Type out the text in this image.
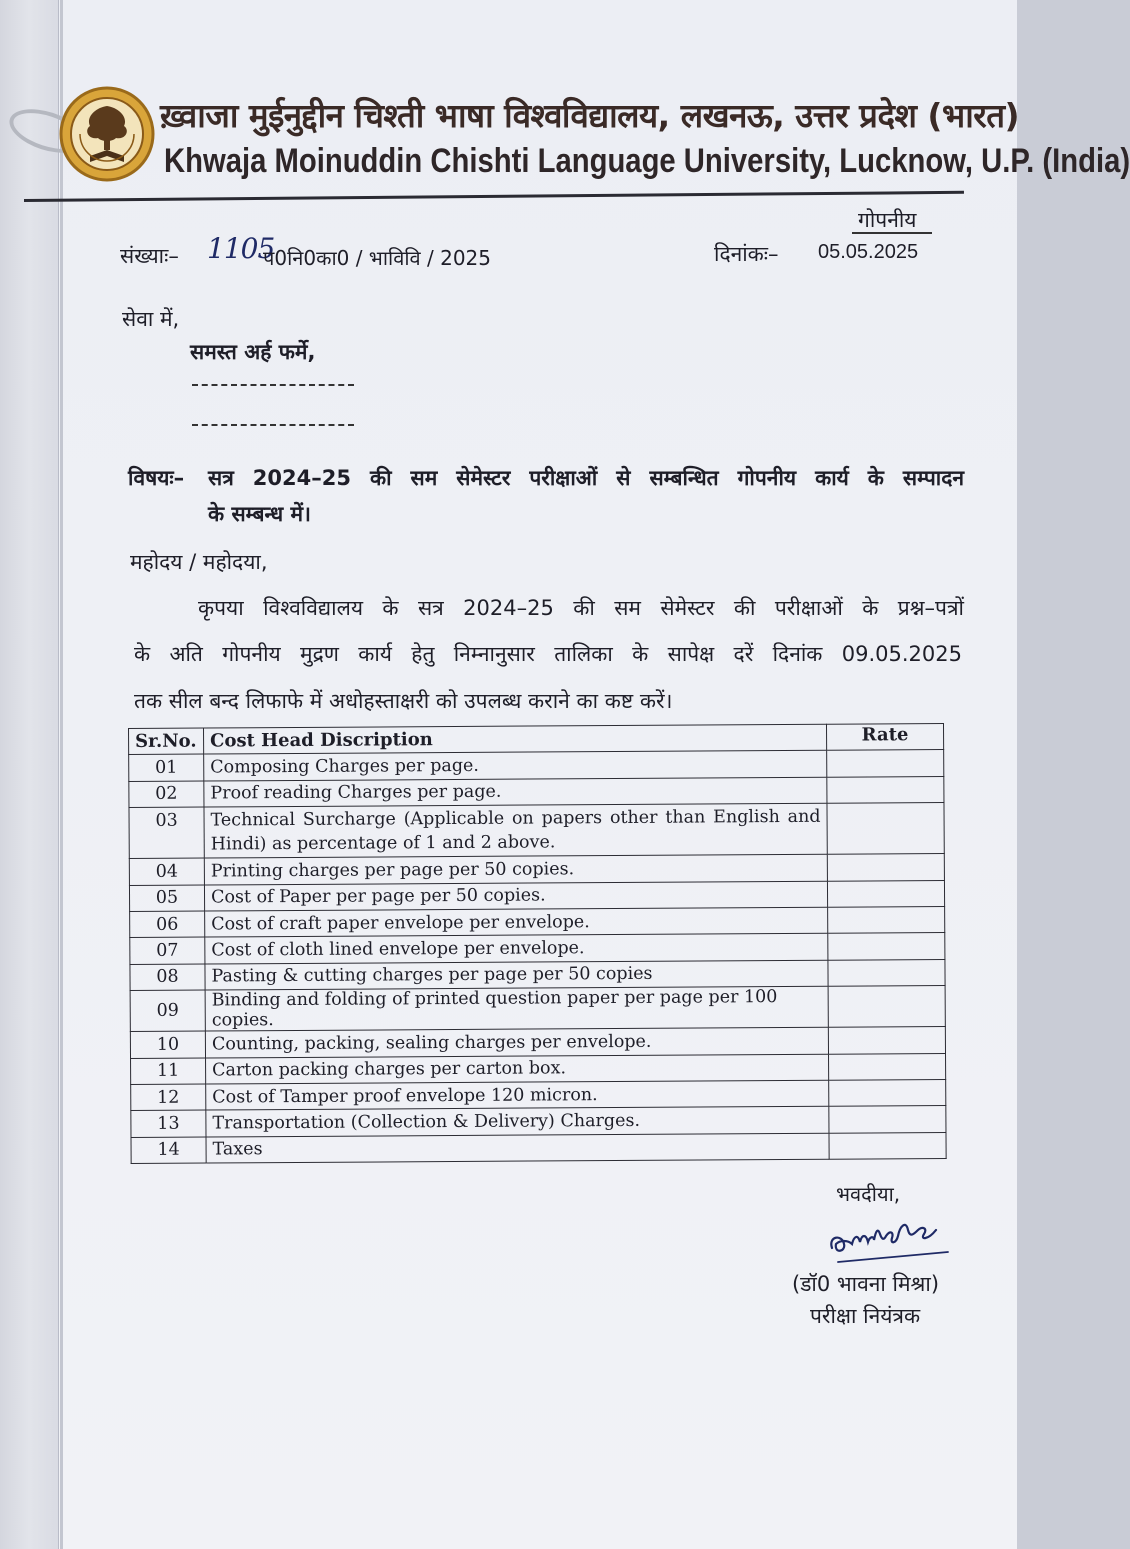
ख़्वाजा मुईनुद्दीन चिश्ती भाषा विश्वविद्यालय, लखनऊ, उत्तर प्रदेश (भारत)
Khwaja Moinuddin Chishti Language University, Lucknow, U.P. (India)
गोपनीय
संख्याः– 1105
प0नि0का0 / भाविवि / 2025	दिनांकः– 05.05.2025
सेवा में,
समस्त अर्ह फर्मे,
विषयः– सत्र 2024–25 की सम सेमेस्टर परीक्षाओं से सम्बन्धित गोपनीय कार्य के सम्पादन
के सम्बन्ध में।
महोदय / महोदया,
कृपया विश्वविद्यालय के सत्र 2024–25 की सम सेमेस्टर की परीक्षाओं के प्रश्न–पत्रों
के अति गोपनीय मुद्रण कार्य हेतु निम्नानुसार तालिका के सापेक्ष दरें दिनांक 09.05.2025
तक सील बन्द लिफाफे में अधोहस्ताक्षरी को उपलब्ध कराने का कष्ट करें।
Sr.No.	Cost Head Discription	Rate
01	Composing Charges per page.	
02	Proof reading Charges per page.	
03	Technical Surcharge (Applicable on papers other than English and Hindi) as percentage of 1 and 2 above.	
04	Printing charges per page per 50 copies.	
05	Cost of Paper per page per 50 copies.	
06	Cost of craft paper envelope per envelope.	
07	Cost of cloth lined envelope per envelope.	
08	Pasting & cutting charges per page per 50 copies	
09	Binding and folding of printed question paper per page per 100 copies.	
10	Counting, packing, sealing charges per envelope.	
11	Carton packing charges per carton box.	
12	Cost of Tamper proof envelope 120 micron.	
13	Transportation (Collection & Delivery) Charges.	
14	Taxes	
भवदीया,
(डॉ0 भावना मिश्रा)
परीक्षा नियंत्रक
